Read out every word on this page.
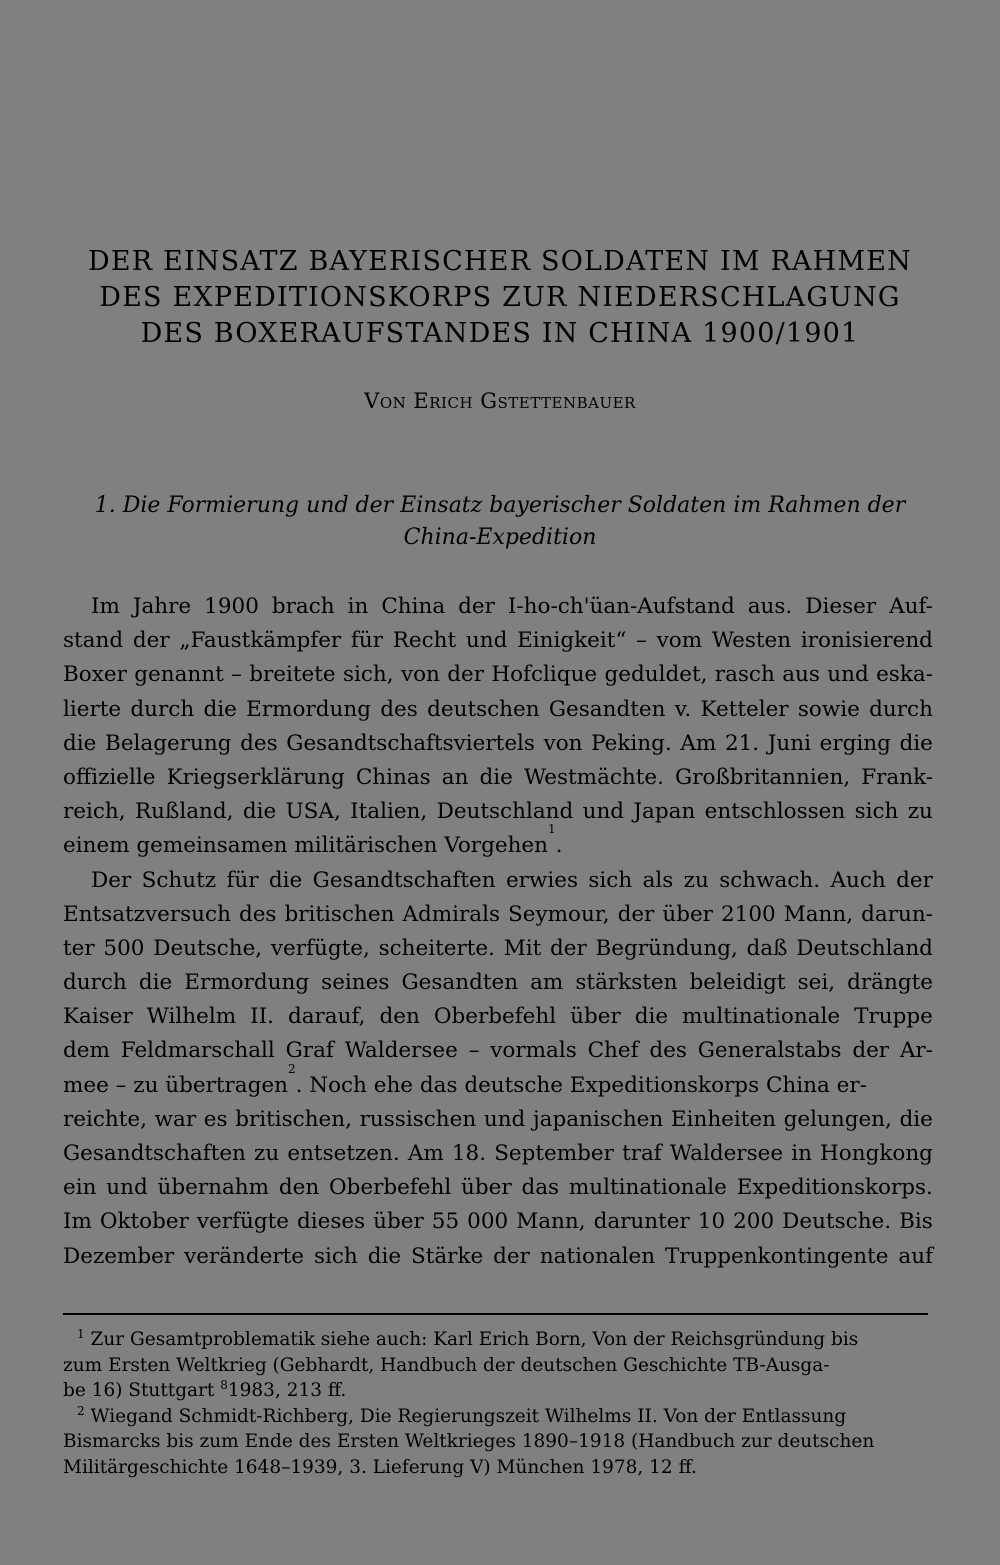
DER EINSATZ BAYERISCHER SOLDATEN IM RAHMEN
DES EXPEDITIONSKORPS ZUR NIEDERSCHLAGUNG
DES BOXERAUFSTANDES IN CHINA 1900/1901
Von Erich Gstettenbauer
1. Die Formierung und der Einsatz bayerischer Soldaten im Rahmen der
China-Expedition
Im Jahre 1900 brach in China der I-ho-ch'üan-Aufstand aus. Dieser Auf-
stand der „Faustkämpfer für Recht und Einigkeit“ – vom Westen ironisierend
Boxer genannt – breitete sich, von der Hofclique geduldet, rasch aus und eska-
lierte durch die Ermordung des deutschen Gesandten v. Ketteler sowie durch
die Belagerung des Gesandtschaftsviertels von Peking. Am 21. Juni erging die
offizielle Kriegserklärung Chinas an die Westmächte. Großbritannien, Frank-
reich, Rußland, die USA, Italien, Deutschland und Japan entschlossen sich zu
einem gemeinsamen militärischen Vorgehen
1
.
Der Schutz für die Gesandtschaften erwies sich als zu schwach. Auch der
Entsatzversuch des britischen Admirals Seymour, der über 2100 Mann, darun-
ter 500 Deutsche, verfügte, scheiterte. Mit der Begründung, daß Deutschland
durch die Ermordung seines Gesandten am stärksten beleidigt sei, drängte
Kaiser Wilhelm II. darauf, den Oberbefehl über die multinationale Truppe
dem Feldmarschall Graf Waldersee – vormals Chef des Generalstabs der Ar-
mee – zu übertragen
2
. Noch ehe das deutsche Expeditionskorps China er-
reichte, war es britischen, russischen und japanischen Einheiten gelungen, die
Gesandtschaften zu entsetzen. Am 18. September traf Waldersee in Hongkong
ein und übernahm den Oberbefehl über das multinationale Expeditionskorps.
Im Oktober verfügte dieses über 55 000 Mann, darunter 10 200 Deutsche. Bis
Dezember veränderte sich die Stärke der nationalen Truppenkontingente auf
$^1$ Zur Gesamtproblematik siehe auch: Karl Erich Born, Von der Reichsgründung bis
zum Ersten Weltkrieg (Gebhardt, Handbuch der deutschen Geschichte TB-Ausga-
be 16) Stuttgart $^8$1983, 213 ff.
$^2$ Wiegand Schmidt-Richberg, Die Regierungszeit Wilhelms II. Von der Entlassung
Bismarcks bis zum Ende des Ersten Weltkrieges 1890–1918 (Handbuch zur deutschen
Militärgeschichte 1648–1939, 3. Lieferung V) München 1978, 12 ff.
